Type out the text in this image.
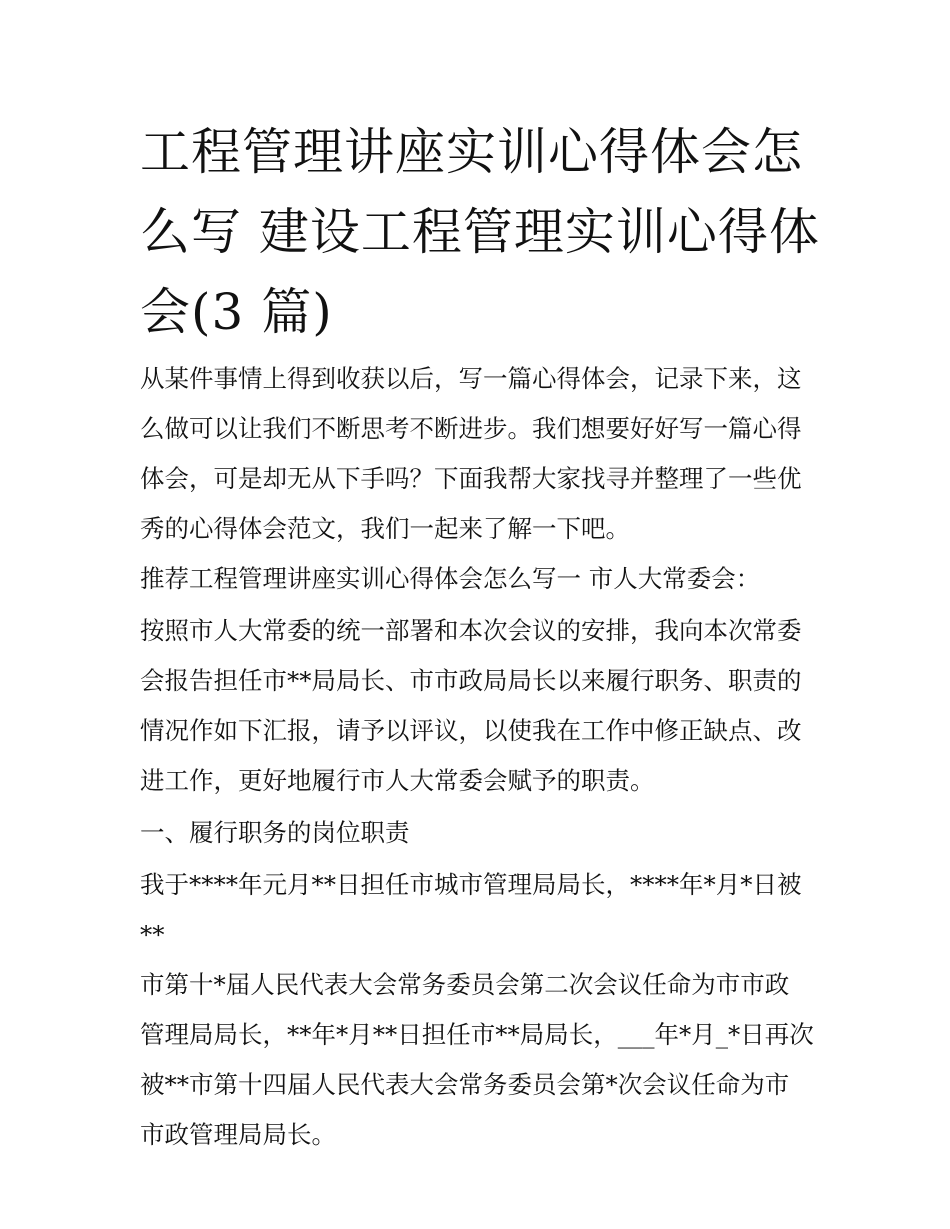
工程管理讲座实训心得体会怎
么写 建设工程管理实训心得体
会(3 篇)

从某件事情上得到收获以后，写一篇心得体会，记录下来，这
么做可以让我们不断思考不断进步。我们想要好好写一篇心得
体会，可是却无从下手吗？下面我帮大家找寻并整理了一些优
秀的心得体会范文，我们一起来了解一下吧。

推荐工程管理讲座实训心得体会怎么写一 市人大常委会：

按照市人大常委的统一部署和本次会议的安排，我向本次常委
会报告担任市**局局长、市市政局局长以来履行职务、职责的
情况作如下汇报，请予以评议，以使我在工作中修正缺点、改
进工作，更好地履行市人大常委会赋予的职责。

一、履行职务的岗位职责

我于****年元月**日担任市城市管理局局长，****年*月*日被**
市第十*届人民代表大会常务委员会第二次会议任命为市市政
管理局局长，**年*月**日担任市**局局长，___年*月_*日再次
被**市第十四届人民代表大会常务委员会第*次会议任命为市
市政管理局局长。
